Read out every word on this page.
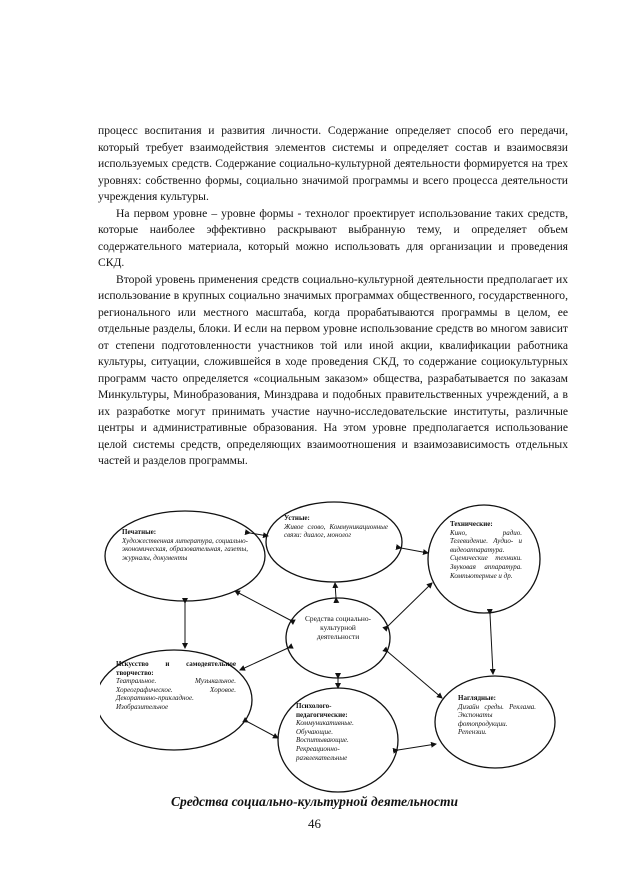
процесс воспитания и развития личности. Содержание определяет способ его передачи, который требует взаимодействия элементов системы и определяет состав и взаимосвязи используемых средств. Содержание социально-культурной деятельности формируется на трех уровнях: собственно формы, социально значимой программы и всего процесса деятельности учреждения культуры.

На первом уровне – уровне формы - технолог проектирует использование таких средств, которые наиболее эффективно раскрывают выбранную тему, и определяет объем содержательного материала, который можно использовать для организации и проведения СКД.

Второй уровень применения средств социально-культурной деятельности предполагает их использование в крупных социально значимых программах общественного, государственного, регионального или местного масштаба, когда прорабатываются программы в целом, ее отдельные разделы, блоки. И если на первом уровне использование средств во многом зависит от степени подготовленности участников той или иной акции, квалификации работника культуры, ситуации, сложившейся в ходе проведения СКД, то содержание социокультурных программ часто определяется «социальным заказом» общества, разрабатывается по заказам Минкультуры, Минобразования, Минздрава и подобных правительственных учреждений, а в их разработке могут принимать участие научно-исследовательские институты, различные центры и административные образования. На этом уровне предполагается использование целой системы средств, определяющих взаимоотношения и взаимозависимость отдельных частей и разделов программы.

Печатные:
Художественная литература, социально-экономическая, образовательная, газеты, журналы, документы
Устные:
Живое слово, Коммуникационные связи: диалог, монолог
Технические:
Кино, радио. Телевидение. Аудио- и видеоаппаратура. Сценические техники. Звуковая аппаратура. Компьютерные и др.
Средства социально-культурной деятельности
Искусство и самодеятельное творчество:
Театральное. Музыкальное. Хореографическое. Хоровое. Декоративно-прикладное. Изобразительное	Психолого-педагогические:
Коммуникативные. Обучающие. Воспитывающие. Рекреационно-развлекательные
Наглядные:
Дизайн среды. Реклама. Экспонаты фотопродукции. Репензии.
Средства социально-культурной деятельности
46
